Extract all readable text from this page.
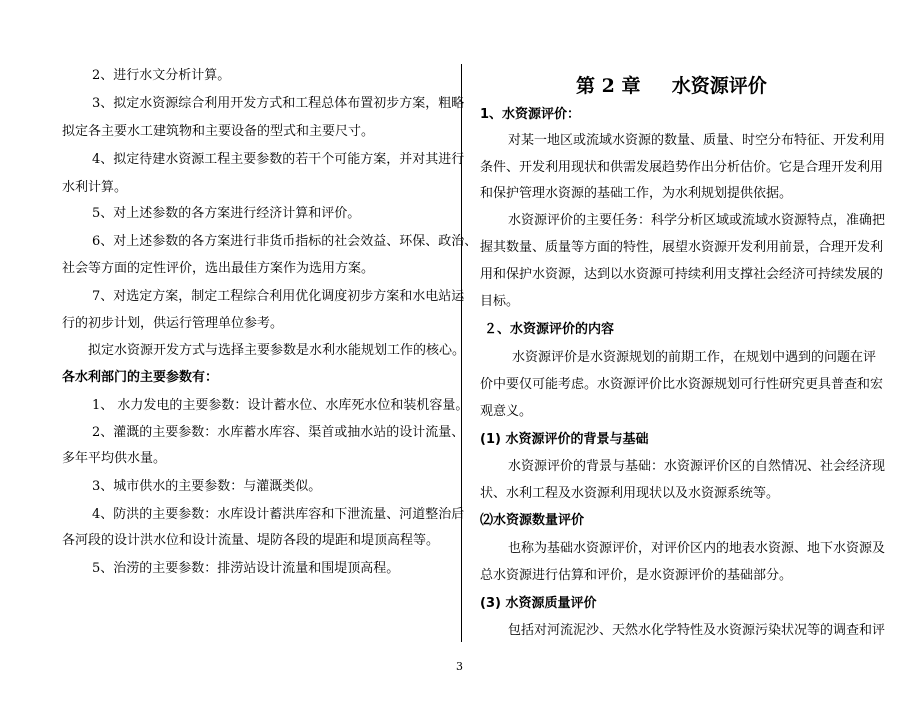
2、进行水文分析计算。
3、拟定水资源综合利用开发方式和工程总体布置初步方案，粗略
拟定各主要水工建筑物和主要设备的型式和主要尺寸。
4、拟定待建水资源工程主要参数的若干个可能方案，并对其进行
水利计算。
5、对上述参数的各方案进行经济计算和评价。
6、对上述参数的各方案进行非货币指标的社会效益、环保、政治、
社会等方面的定性评价，选出最佳方案作为选用方案。
7、对选定方案，制定工程综合利用优化调度初步方案和水电站运
行的初步计划，供运行管理单位参考。
拟定水资源开发方式与选择主要参数是水利水能规划工作的核心。
各水利部门的主要参数有：
1、 水力发电的主要参数：设计蓄水位、水库死水位和装机容量。
2、灌溉的主要参数：水库蓄水库容、渠首或抽水站的设计流量、
多年平均供水量。
3、城市供水的主要参数：与灌溉类似。
4、防洪的主要参数：水库设计蓄洪库容和下泄流量、河道整治后
各河段的设计洪水位和设计流量、堤防各段的堤距和堤顶高程等。
5、治涝的主要参数：排涝站设计流量和围堤顶高程。
第 2 章 水资源评价
1、水资源评价：
对某一地区或流域水资源的数量、质量、时空分布特征、开发利用
条件、开发利用现状和供需发展趋势作出分析估价。它是合理开发利用
和保护管理水资源的基础工作，为水利规划提供依据。
水资源评价的主要任务：科学分析区域或流域水资源特点，准确把
握其数量、质量等方面的特性，展望水资源开发利用前景，合理开发利
用和保护水资源，达到以水资源可持续利用支撑社会经济可持续发展的
目标。
２、水资源评价的内容
水资源评价是水资源规划的前期工作，在规划中遇到的问题在评
价中要仅可能考虑。水资源评价比水资源规划可行性研究更具普查和宏
观意义。
(1) 水资源评价的背景与基础
水资源评价的背景与基础：水资源评价区的自然情况、社会经济现
状、水利工程及水资源利用现状以及水资源系统等。
⑵水资源数量评价
也称为基础水资源评价，对评价区内的地表水资源、地下水资源及
总水资源进行估算和评价，是水资源评价的基础部分。
(3) 水资源质量评价
包括对河流泥沙、天然水化学特性及水资源污染状况等的调查和评
3
